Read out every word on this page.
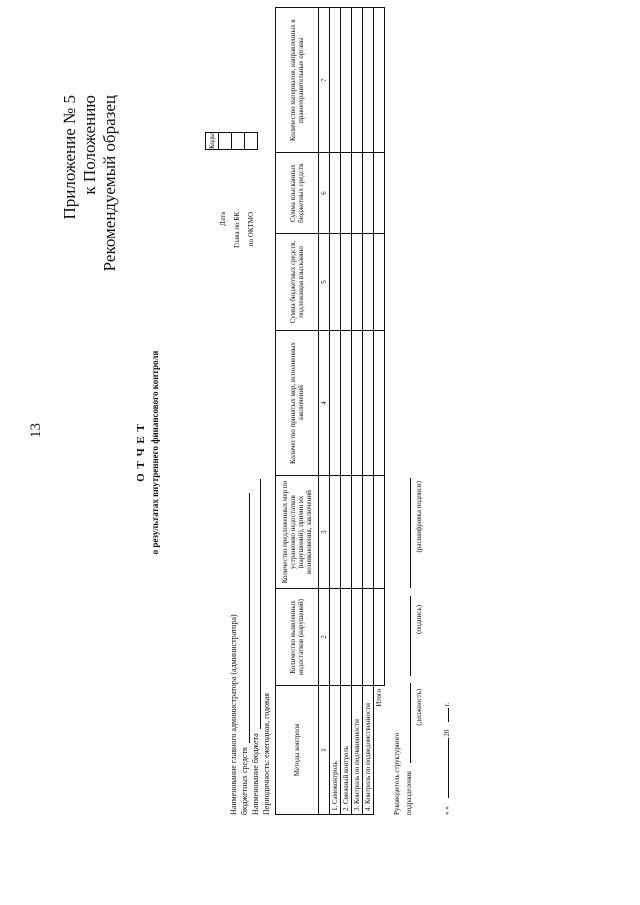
13
Приложение № 5 к Положению Рекомендуемый образец	Коды

Дата Глава по БК по ОКТМО
О Т Ч Е Т о результатах внутреннего финансового контроля
Наименование главного администратора (администратора) бюджетных средств Наименование бюджета Периодичность: ежегодная, годовая	Методы контроля	Количество выявленных недостатков (нарушений)	Количество предложенных мер по устранению недостатков (нарушений), причин их возникновения, заключений	Количество принятых мер, исполненных заключений	Сумма бюджетных средств, подлежащая взысканию	Сумма взысканных бюджетных средств	Количество материалов, направленных в правоохранительные органы
1	2	3	4	5	6	7
1. Самоконтроль						
2. Смежный контроль						
3. Контроль по подчиненности						
4. Контроль по подведомственности						
Итого						
Руководитель структурного подразделения
(должность) (подпись) (расшифровка подписи)
« »  20  г.
